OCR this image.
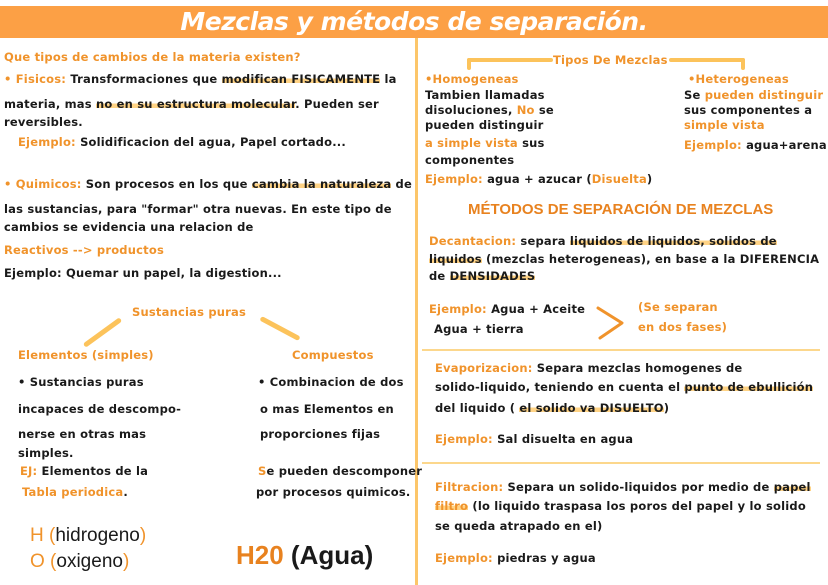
Mezclas y métodos de separación.
Que tipos de cambios de la materia existen?
• Fisicos: Transformaciones que modifican FISICAMENTE la
materia, mas no en su estructura molecular. Pueden ser
reversibles.
Ejemplo: Solidificacion del agua, Papel cortado...
• Quimicos: Son procesos en los que cambia la naturaleza de
las sustancias, para "formar" otra nuevas. En este tipo de
cambios se evidencia una relacion de
Reactivos --> productos
Ejemplo: Quemar un papel, la digestion...
Sustancias puras
Elementos (simples)
• Sustancias puras
incapaces de descompo-
nerse en otras mas
simples.
EJ: Elementos de la
Tabla periodica.
Compuestos
• Combinacion de dos
o mas Elementos en
proporciones fijas
Se pueden descomponer
por procesos quimicos.
H (hidrogeno)
O (oxigeno)	H20 (Agua)
Tipos De Mezclas
•Homogeneas
Tambien llamadas
disoluciones, No se
pueden distinguir
a simple vista sus
componentes
Ejemplo: agua + azucar (Disuelta)
•Heterogeneas
Se pueden distinguir
sus componentes a
simple vista
Ejemplo: agua+arena
MÉTODOS DE SEPARACIÓN DE MEZCLAS
Decantacion: separa liquidos de liquidos, solidos de
liquidos (mezclas heterogeneas), en base a la DIFERENCIA
de DENSIDADES
Ejemplo: Agua + Aceite
Agua + tierra
(Se separan
en dos fases)
Evaporizacion: Separa mezclas homogenes de
solido-liquido, teniendo en cuenta el punto de ebullición
del liquido ( el solido va DISUELTO)
Ejemplo: Sal disuelta en agua
Filtracion: Separa un solido-liquidos por medio de papel
filtro (lo liquido traspasa los poros del papel y lo solido
se queda atrapado en el)
Ejemplo: piedras y agua
